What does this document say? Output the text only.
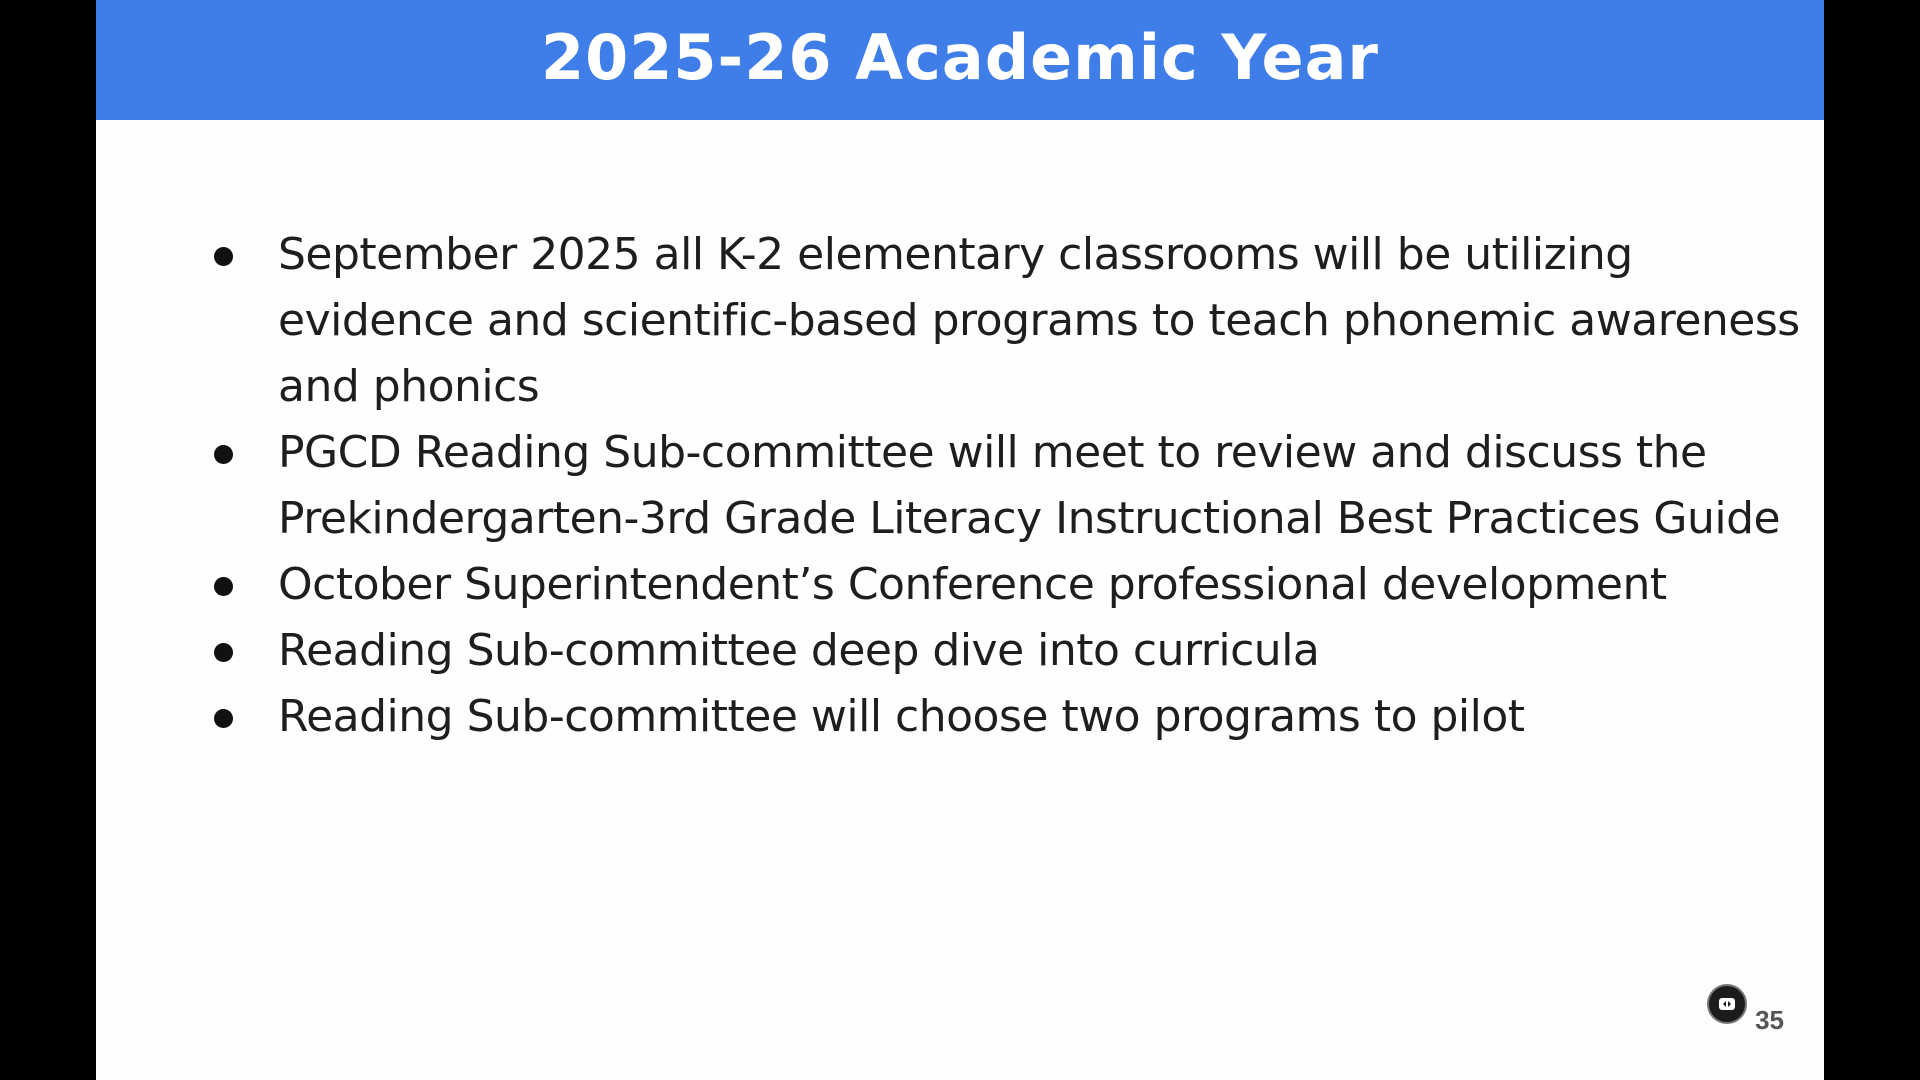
2025-26 Academic Year
September 2025 all K-2 elementary classrooms will be utilizing evidence and scientific-based programs to teach phonemic awareness and phonics
PGCD Reading Sub-committee will meet to review and discuss the Prekindergarten-3rd Grade Literacy Instructional Best Practices Guide
October Superintendent’s Conference professional development
Reading Sub-committee deep dive into curricula
Reading Sub-committee will choose two programs to pilot
35
